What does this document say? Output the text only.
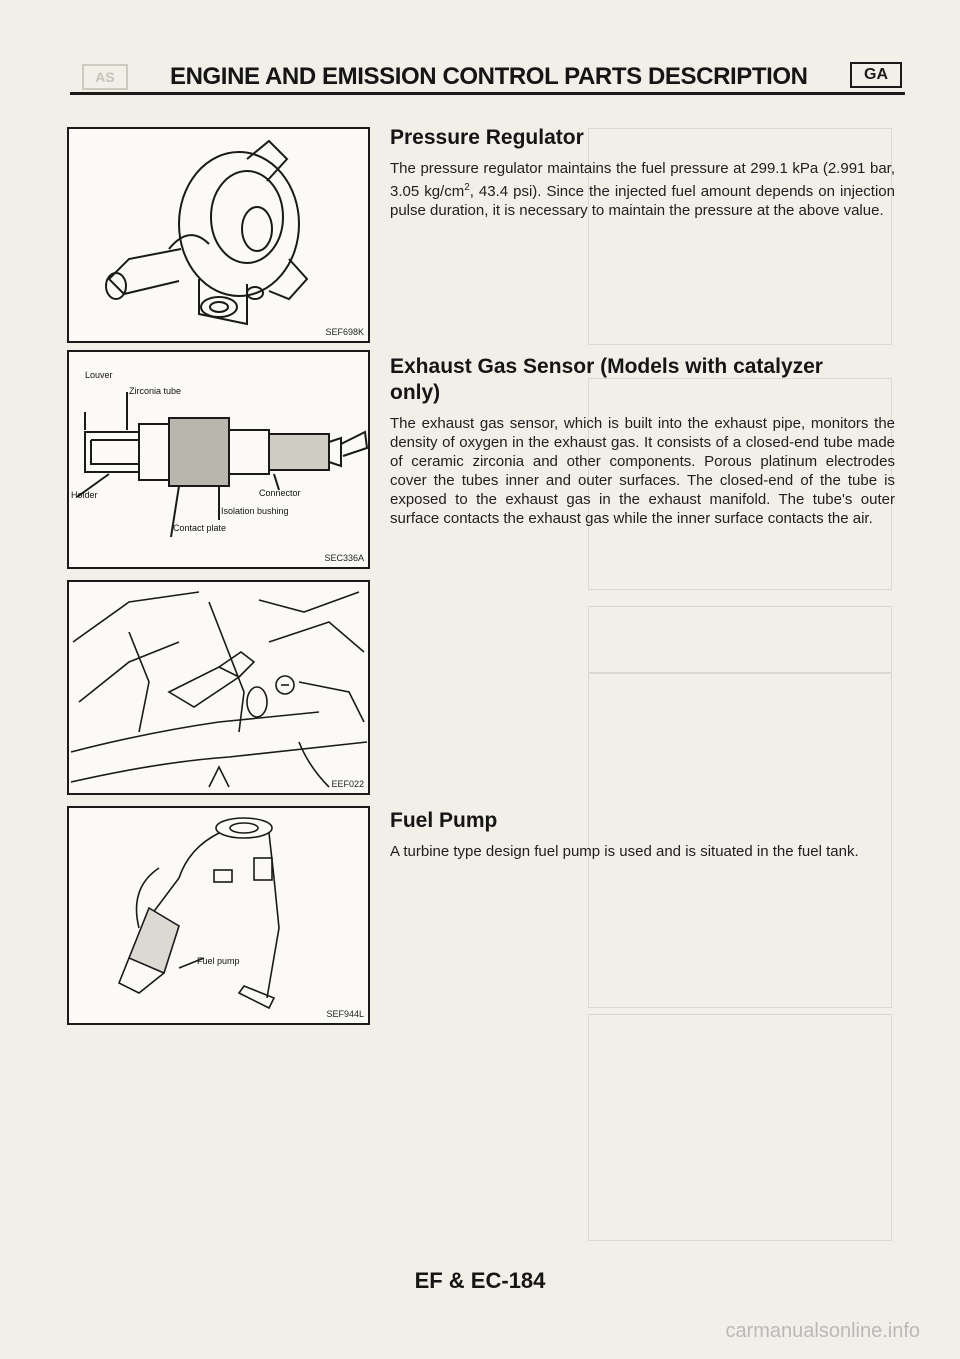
AS	ENGINE AND EMISSION CONTROL PARTS DESCRIPTION	GA
SEF698K
Louver
Zirconia tube
Holder	Connector
Isolation bushing
Contact plate
SEC336A
EEF022
Fuel pump
SEF944L
Pressure Regulator

The pressure regulator maintains the fuel pressure at 299.1 kPa (2.991 bar, 3.05 $kg/cm^2$, 43.4 psi). Since the injected fuel amount depends on injection pulse duration, it is necessary to maintain the pressure at the above value.

Exhaust Gas Sensor (Models with catalyzer only)

The exhaust gas sensor, which is built into the exhaust pipe, monitors the density of oxygen in the exhaust gas. It consists of a closed-end tube made of ceramic zirconia and other components. Porous platinum electrodes cover the tubes inner and outer surfaces. The closed-end of the tube is exposed to the exhaust gas in the exhaust manifold. The tube's outer surface contacts the exhaust gas while the inner surface contacts the air.

Fuel Pump

A turbine type design fuel pump is used and is situated in the fuel tank.

EF & EC-184
carmanualsonline.info
